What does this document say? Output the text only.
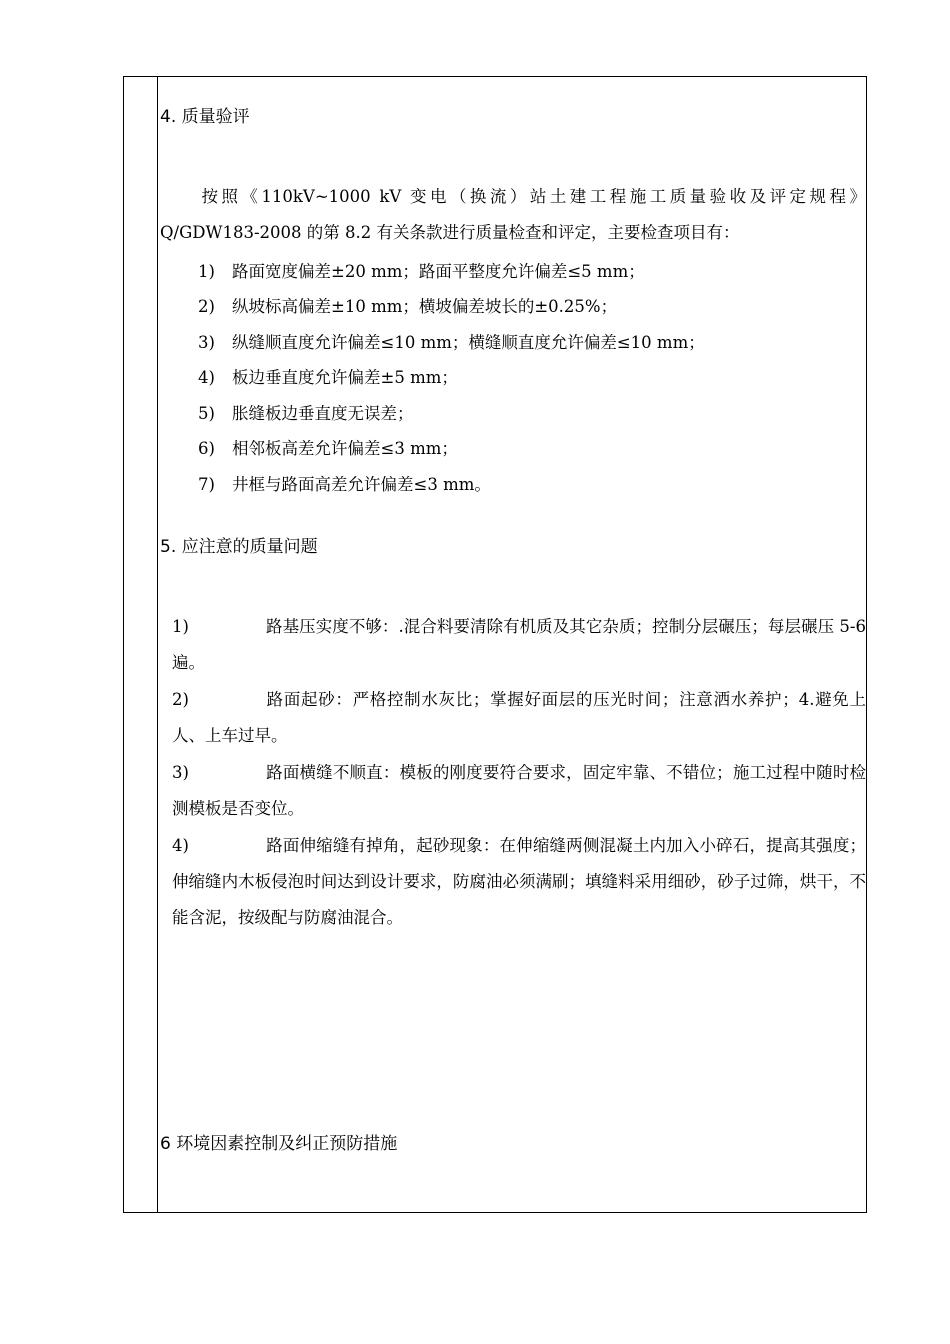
4. 质量验评
按照《110kV~1000 kV 变电（换流）站土建工程施工质量验收及评定规程》Q/GDW183-2008 的第 8.2 有关条款进行质量检查和评定，主要检查项目有：
1) 路面宽度偏差±20 mm；路面平整度允许偏差≤5 mm；
2) 纵坡标高偏差±10 mm；横坡偏差坡长的±0.25%；
3) 纵缝顺直度允许偏差≤10 mm；横缝顺直度允许偏差≤10 mm；
4) 板边垂直度允许偏差±5 mm；
5) 胀缝板边垂直度无误差；
6) 相邻板高差允许偏差≤3 mm；
7) 井框与路面高差允许偏差≤3 mm。
5. 应注意的质量问题
1)	路基压实度不够：.混合料要清除有机质及其它杂质；控制分层碾压；每层碾压 5-6 遍。
2)	路面起砂：严格控制水灰比；掌握好面层的压光时间；注意洒水养护；4.避免上人、上车过早。
3)	路面横缝不顺直：模板的刚度要符合要求，固定牢靠、不错位；施工过程中随时检测模板是否变位。
4)	路面伸缩缝有掉角，起砂现象：在伸缩缝两侧混凝土内加入小碎石，提高其强度；伸缩缝内木板侵泡时间达到设计要求，防腐油必须满刷；填缝料采用细砂，砂子过筛，烘干，不能含泥，按级配与防腐油混合。
6 环境因素控制及纠正预防措施
